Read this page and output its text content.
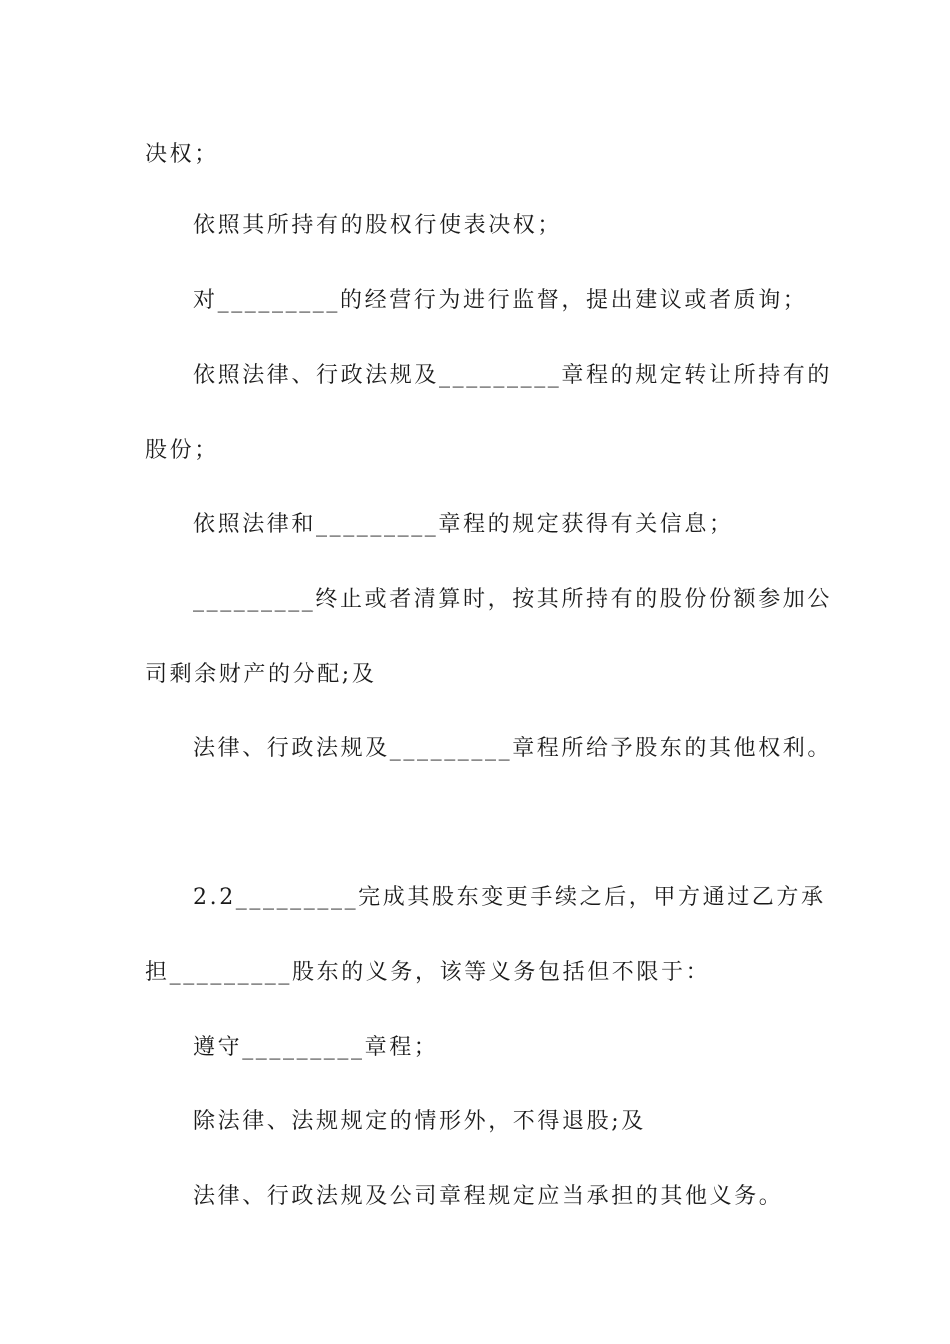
决权；
依照其所持有的股权行使表决权；
对_________的经营行为进行监督，提出建议或者质询；
依照法律、行政法规及_________章程的规定转让所持有的
股份；
依照法律和_________章程的规定获得有关信息；
_________终止或者清算时，按其所持有的股份份额参加公
司剩余财产的分配;及
法律、行政法规及_________章程所给予股东的其他权利。
2.2_________完成其股东变更手续之后，甲方通过乙方承
担_________股东的义务，该等义务包括但不限于：
遵守_________章程；
除法律、法规规定的情形外，不得退股;及
法律、行政法规及公司章程规定应当承担的其他义务。
